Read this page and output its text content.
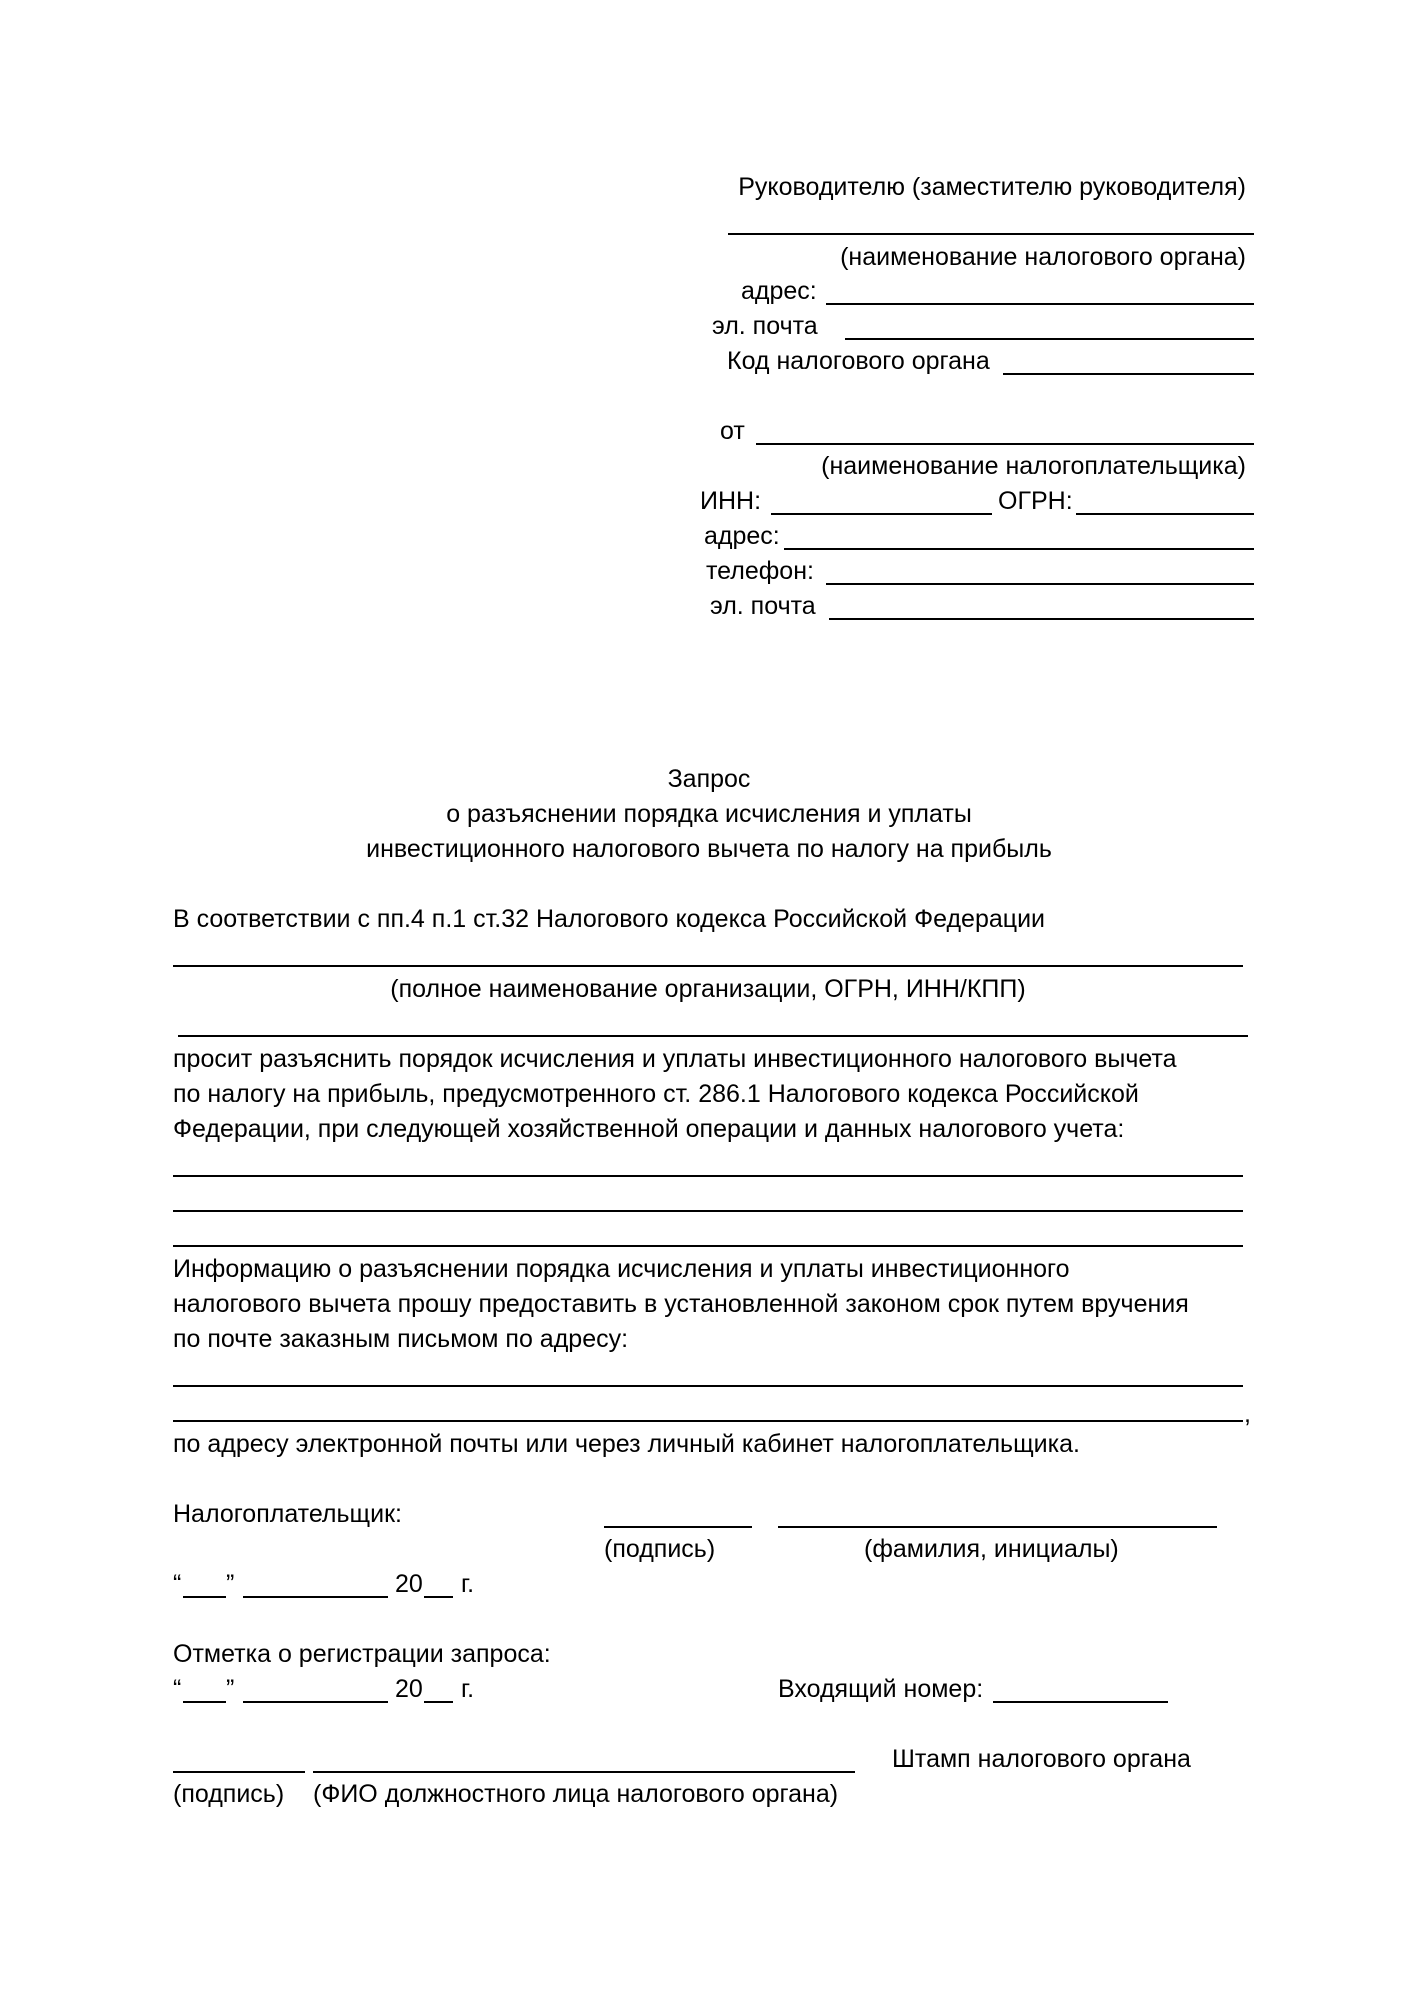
Руководителю (заместителю руководителя)
(наименование налогового органа)
адрес:
эл. почта
Код налогового органа
от
(наименование налогоплательщика)
ИНН:	ОГРН:
адрес:
телефон:
эл. почта
Запрос
о разъяснении порядка исчисления и уплаты
инвестиционного налогового вычета по налогу на прибыль
В соответствии с пп.4 п.1 ст.32 Налогового кодекса Российской Федерации
(полное наименование организации, ОГРН, ИНН/КПП)
просит разъяснить порядок исчисления и уплаты инвестиционного налогового вычета
по налогу на прибыль, предусмотренного ст. 286.1 Налогового кодекса Российской
Федерации, при следующей хозяйственной операции и данных налогового учета:
Информацию о разъяснении порядка исчисления и уплаты инвестиционного
налогового вычета прошу предоставить в установленной законом срок путем вручения
по почте заказным письмом по адресу:
,
по адресу электронной почты или через личный кабинет налогоплательщика.
Налогоплательщик:
(подпись)	(фамилия, инициалы)
“ ”	20 г.
Отметка о регистрации запроса:
“ ”	20 г.	Входящий номер:
Штамп налогового органа
(подпись) (ФИО должностного лица налогового органа)
